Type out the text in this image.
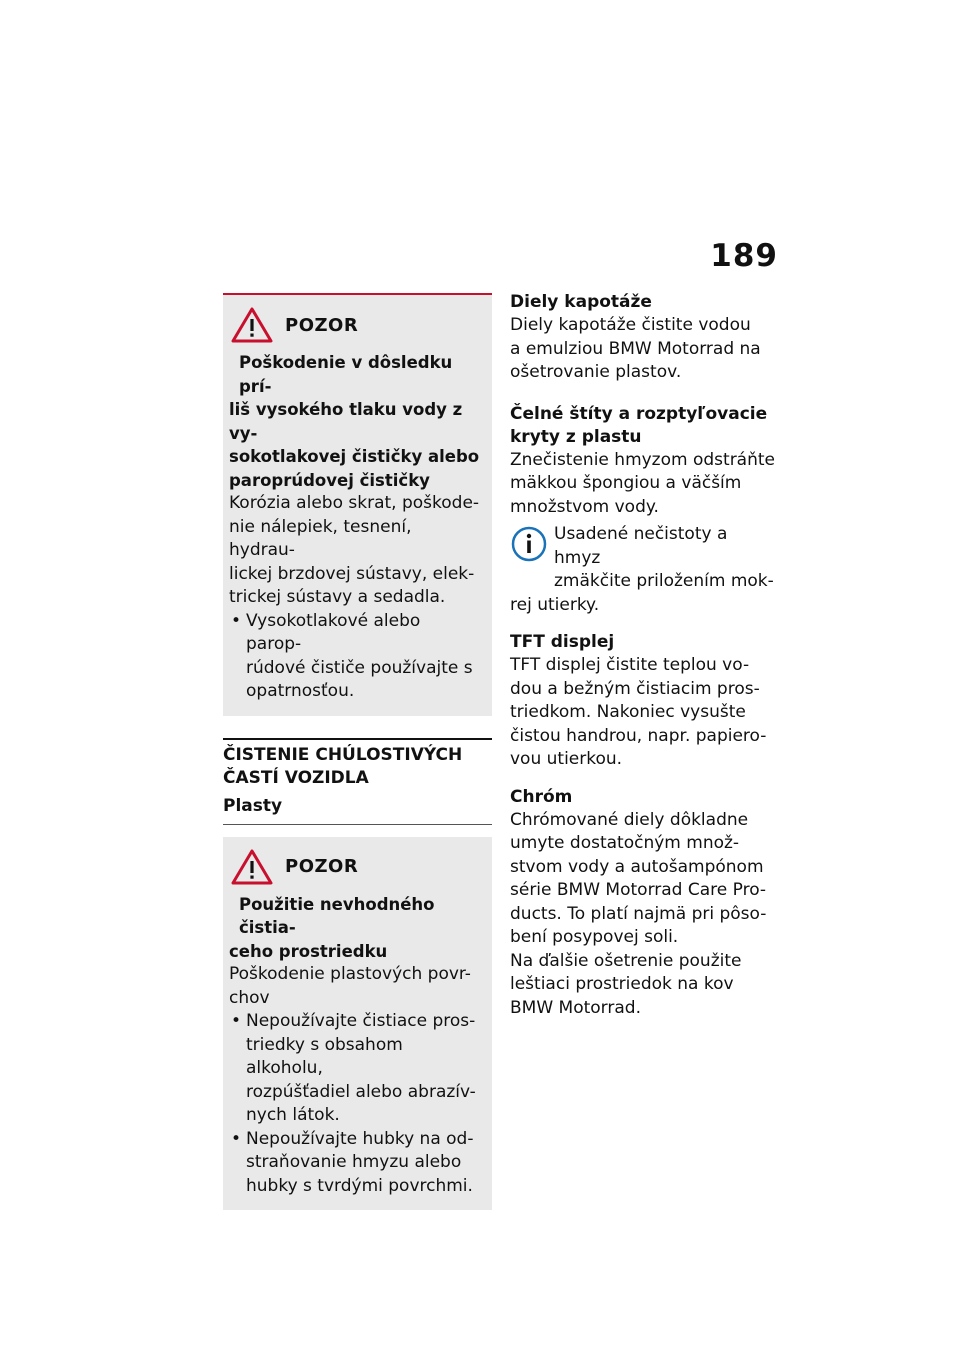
189
POZOR
Poškodenie v dôsledku prí-
liš vysokého tlaku vody z vy-
sokotlakovej čističky alebo
paroprúdovej čističky
Korózia alebo skrat, poškode-
nie nálepiek, tesnení, hydrau-
lickej brzdovej sústavy, elek-
trickej sústavy a sedadla.
• Vysokotlakové alebo parop-
rúdové čističe používajte s
opatrnosťou.
ČISTENIE CHÚLOSTIVÝCH
ČASTÍ VOZIDLA
Plasty
POZOR
Použitie nevhodného čistia-
ceho prostriedku
Poškodenie plastových povr-
chov
• Nepoužívajte čistiace pros-
triedky s obsahom alkoholu,
rozpúšťadiel alebo abrazív-
nych látok.
• Nepoužívajte hubky na od-
straňovanie hmyzu alebo
hubky s tvrdými povrchmi.
Diely kapotáže
Diely kapotáže čistite vodou
a emulziou BMW Motorrad na
ošetrovanie plastov.
Čelné štíty a rozptyľovacie
kryty z plastu
Znečistenie hmyzom odstráňte
mäkkou špongiou a väčším
množstvom vody.
Usadené nečistoty a hmyz
zmäkčite priložením mok-
rej utierky.
TFT displej
TFT displej čistite teplou vo-
dou a bežným čistiacim pros-
triedkom. Nakoniec vysušte
čistou handrou, napr. papiero-
vou utierkou.
Chróm
Chrómované diely dôkladne
umyte dostatočným množ-
stvom vody a autošampónom
série BMW Motorrad Care Pro-
ducts. To platí najmä pri pôso-
bení posypovej soli.
Na ďalšie ošetrenie použite
leštiaci prostriedok na kov
BMW Motorrad.
